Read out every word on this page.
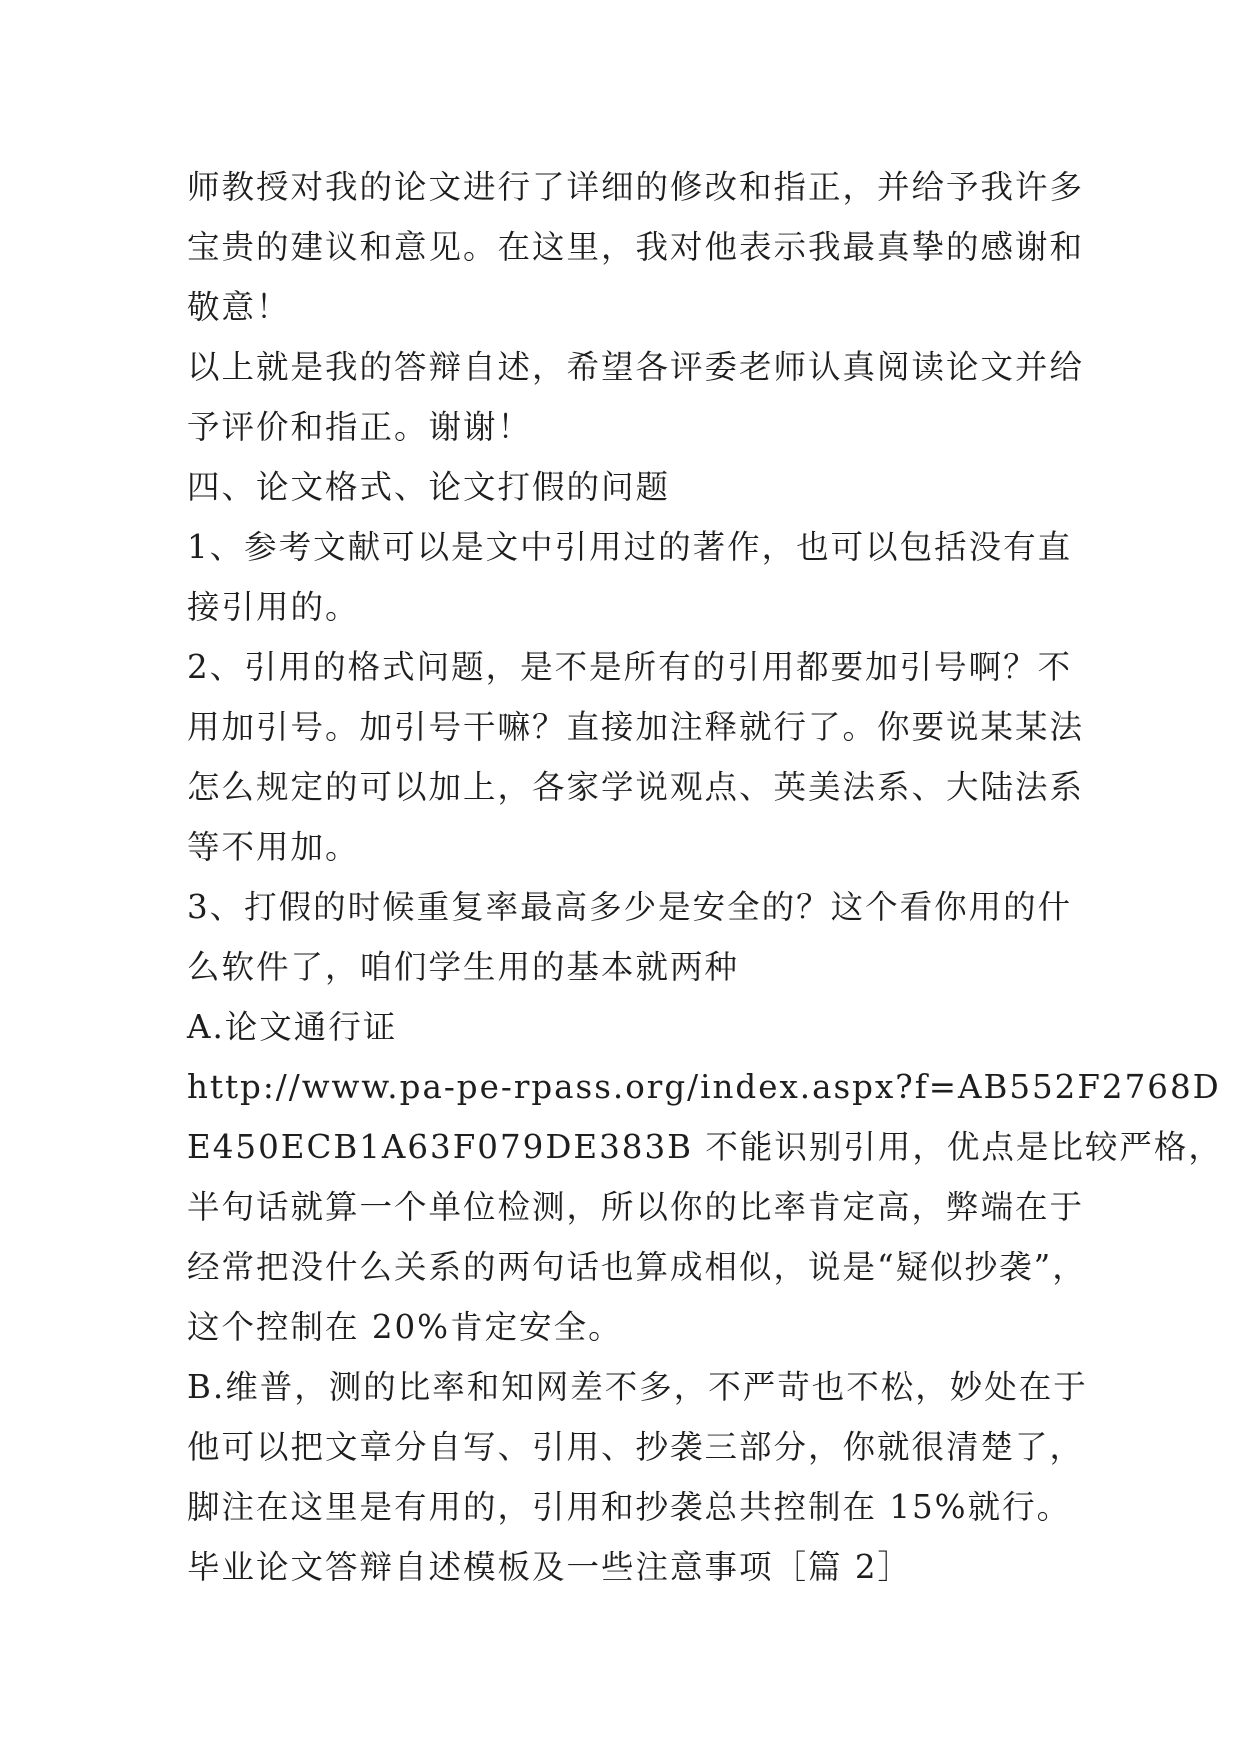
师教授对我的论文进行了详细的修改和指正，并给予我许多
宝贵的建议和意见。在这里，我对他表示我最真挚的感谢和
敬意！
以上就是我的答辩自述，希望各评委老师认真阅读论文并给
予评价和指正。谢谢！
四、论文格式、论文打假的问题
1、参考文献可以是文中引用过的著作，也可以包括没有直
接引用的。
2、引用的格式问题，是不是所有的引用都要加引号啊？不
用加引号。加引号干嘛？直接加注释就行了。你要说某某法
怎么规定的可以加上，各家学说观点、英美法系、大陆法系
等不用加。
3、打假的时候重复率最高多少是安全的？这个看你用的什
么软件了，咱们学生用的基本就两种
A.论文通行证
http://www.pa-pe-rpass.org/index.aspx?f=AB552F2768D
E450ECB1A63F079DE383B 不能识别引用，优点是比较严格，
半句话就算一个单位检测，所以你的比率肯定高，弊端在于
经常把没什么关系的两句话也算成相似，说是“疑似抄袭”，
这个控制在 20%肯定安全。
B.维普，测的比率和知网差不多，不严苛也不松，妙处在于
他可以把文章分自写、引用、抄袭三部分，你就很清楚了，
脚注在这里是有用的，引用和抄袭总共控制在 15%就行。
毕业论文答辩自述模板及一些注意事项［篇 2］
